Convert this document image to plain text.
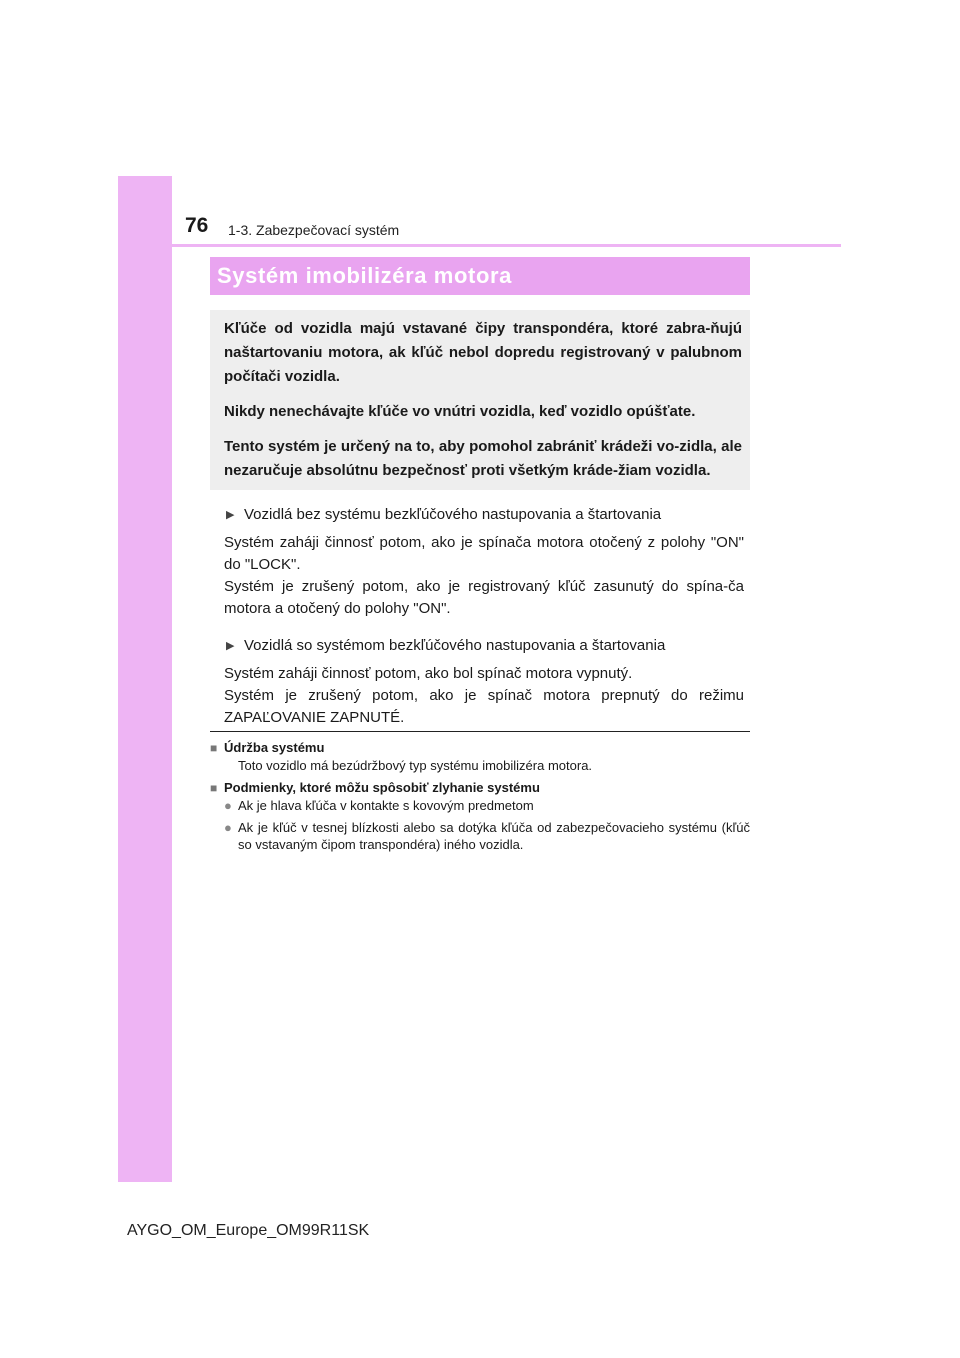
76 1-3. Zabezpečovací systém
Systém imobilizéra motora

Kľúče od vozidla majú vstavané čipy transpondéra, ktoré zabra-ňujú naštartovaniu motora, ak kľúč nebol dopredu registrovaný v palubnom počítači vozidla.

Nikdy nenechávajte kľúče vo vnútri vozidla, keď vozidlo opúšťate.

Tento systém je určený na to, aby pomohol zabrániť krádeži vo-zidla, ale nezaručuje absolútnu bezpečnosť proti všetkým kráde-žiam vozidla.

▶ Vozidlá bez systému bezkľúčového nastupovania a štartovania

Systém zaháji činnosť potom, ako je spínača motora otočený z polohy "ON" do "LOCK".
Systém je zrušený potom, ako je registrovaný kľúč zasunutý do spína-ča motora a otočený do polohy "ON".

▶ Vozidlá so systémom bezkľúčového nastupovania a štartovania

Systém zaháji činnosť potom, ako bol spínač motora vypnutý.
Systém je zrušený potom, ako je spínač motora prepnutý do režimu ZAPAĽOVANIE ZAPNUTÉ.

■ Údržba systému
Toto vozidlo má bezúdržbový typ systému imobilizéra motora.
■ Podmienky, ktoré môžu spôsobiť zlyhanie systému
● Ak je hlava kľúča v kontakte s kovovým predmetom
● Ak je kľúč v tesnej blízkosti alebo sa dotýka kľúča od zabezpečovacieho systému (kľúč so vstavaným čipom transpondéra) iného vozidla.
AYGO_OM_Europe_OM99R11SK
